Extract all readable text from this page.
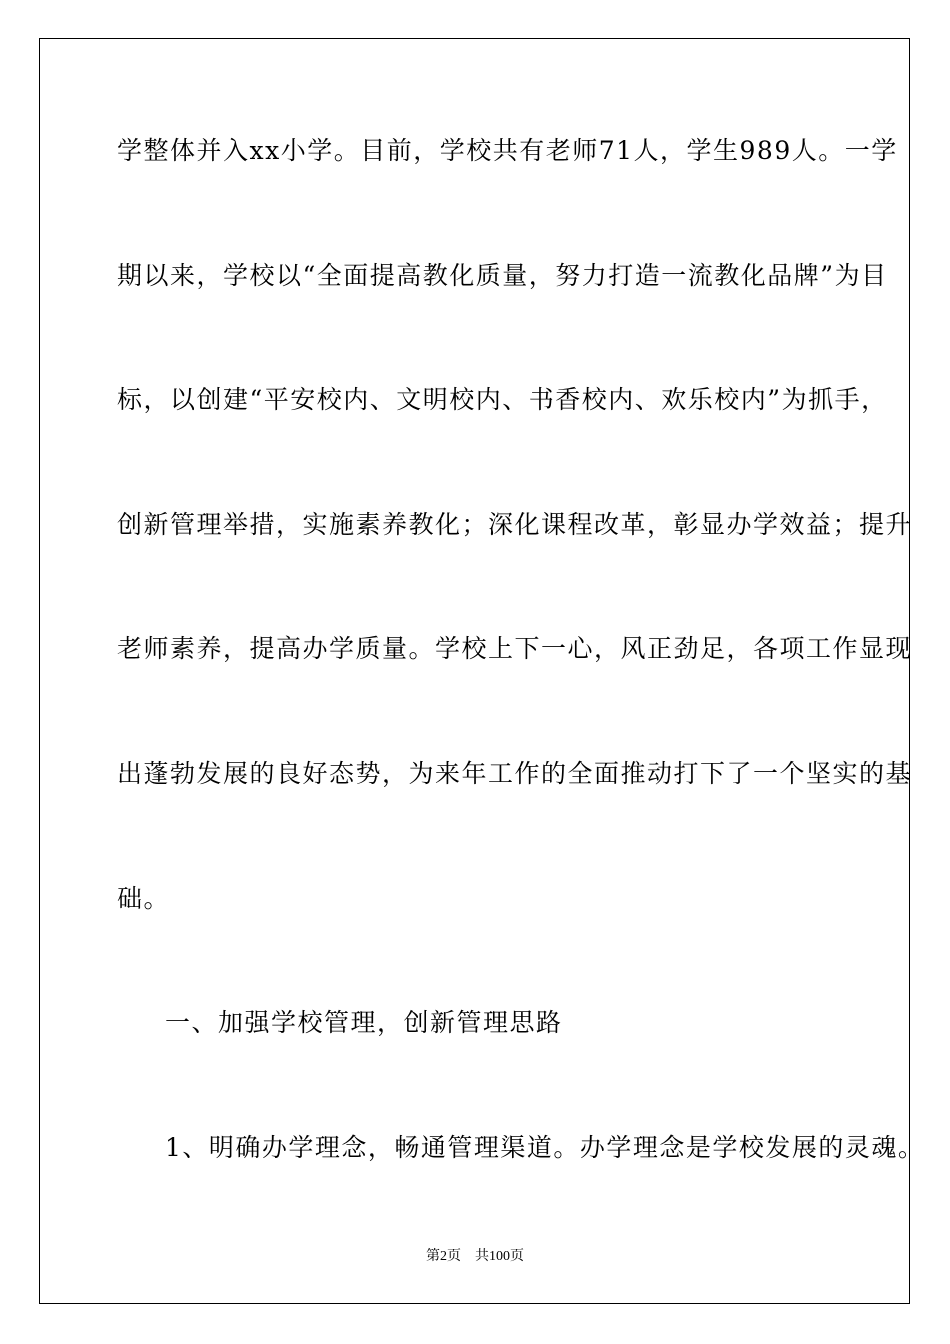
学整体并入xx小学。目前，学校共有老师71人，学生989人。一学
期以来，学校以“全面提高教化质量，努力打造一流教化品牌”为目
标，以创建“平安校内、文明校内、书香校内、欢乐校内”为抓手，
创新管理举措，实施素养教化；深化课程改革，彰显办学效益；提升
老师素养，提高办学质量。学校上下一心，风正劲足，各项工作显现
出蓬勃发展的良好态势，为来年工作的全面推动打下了一个坚实的基
础。
一、加强学校管理，创新管理思路
1、明确办学理念，畅通管理渠道。办学理念是学校发展的灵魂。
第2页 共100页
